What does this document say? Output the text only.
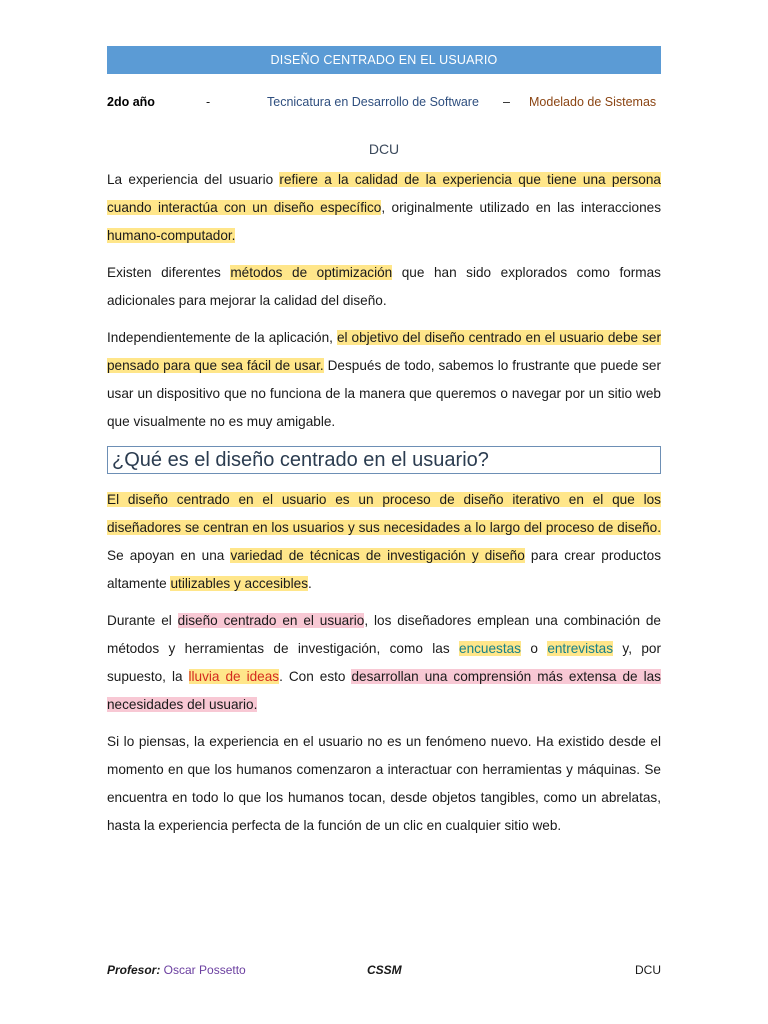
DISEÑO CENTRADO EN EL USUARIO
2do año	-	Tecnicatura en Desarrollo de Software – Modelado de Sistemas
DCU

La experiencia del usuario refiere a la calidad de la experiencia que tiene una persona cuando interactúa con un diseño específico, originalmente utilizado en las interacciones humano-computador.

Existen diferentes métodos de optimización que han sido explorados como formas adicionales para mejorar la calidad del diseño.

Independientemente de la aplicación, el objetivo del diseño centrado en el usuario debe ser pensado para que sea fácil de usar. Después de todo, sabemos lo frustrante que puede ser usar un dispositivo que no funciona de la manera que queremos o navegar por un sitio web que visualmente no es muy amigable.

¿Qué es el diseño centrado en el usuario?

El diseño centrado en el usuario es un proceso de diseño iterativo en el que los diseñadores se centran en los usuarios y sus necesidades a lo largo del proceso de diseño. Se apoyan en una variedad de técnicas de investigación y diseño para crear productos altamente utilizables y accesibles.

Durante el diseño centrado en el usuario, los diseñadores emplean una combinación de métodos y herramientas de investigación, como las encuestas o entrevistas y, por supuesto, la lluvia de ideas. Con esto desarrollan una comprensión más extensa de las necesidades del usuario.

Si lo piensas, la experiencia en el usuario no es un fenómeno nuevo. Ha existido desde el momento en que los humanos comenzaron a interactuar con herramientas y máquinas. Se encuentra en todo lo que los humanos tocan, desde objetos tangibles, como un abrelatas, hasta la experiencia perfecta de la función de un clic en cualquier sitio web.

Profesor: Oscar Possetto	CSSM	DCU
